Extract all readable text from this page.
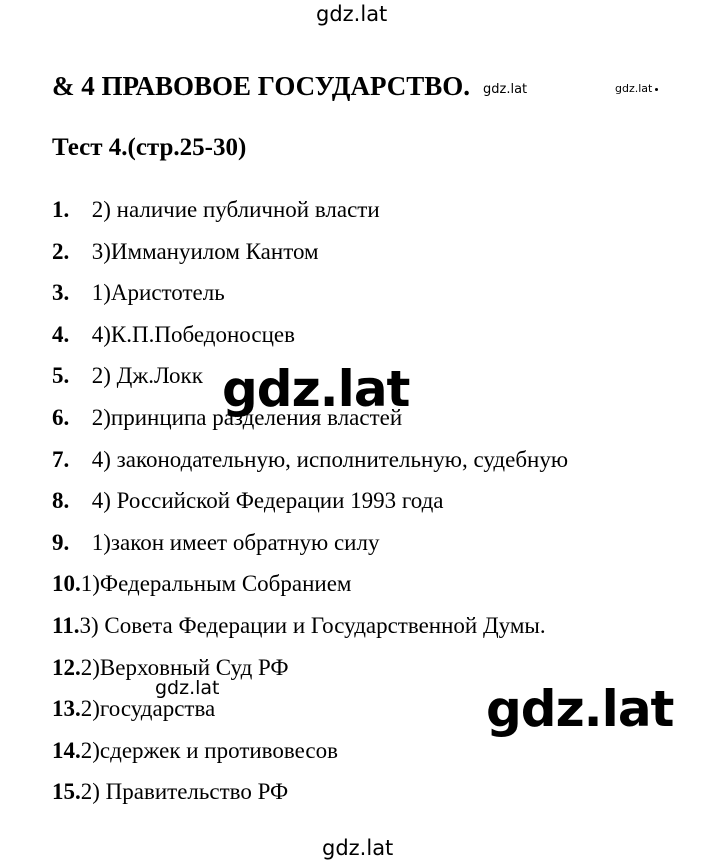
gdz.lat
& 4 ПРАВОВОЕ ГОСУДАРСТВО. gdz.lat	gdz.lat
Тест 4.(стр.25-30)
1. 2) наличие публичной власти
2. 3)Иммануилом Кантом
3. 1)Аристотель
4. 4)К.П.Победоносцев
5. 2) Дж.Локк
6. 2)принципа разделения властей
7. 4) законодательную, исполнительную, судебную
8. 4) Российской Федерации 1993 года
9. 1)закон имеет обратную силу
10.1)Федеральным Собранием
11.3) Совета Федерации и Государственной Думы.
12.2)Верховный Суд РФ
13.2)государства
14.2)сдержек и противовесов
15.2) Правительство РФ
gdz.lat
gdz.lat	gdz.lat
gdz.lat
